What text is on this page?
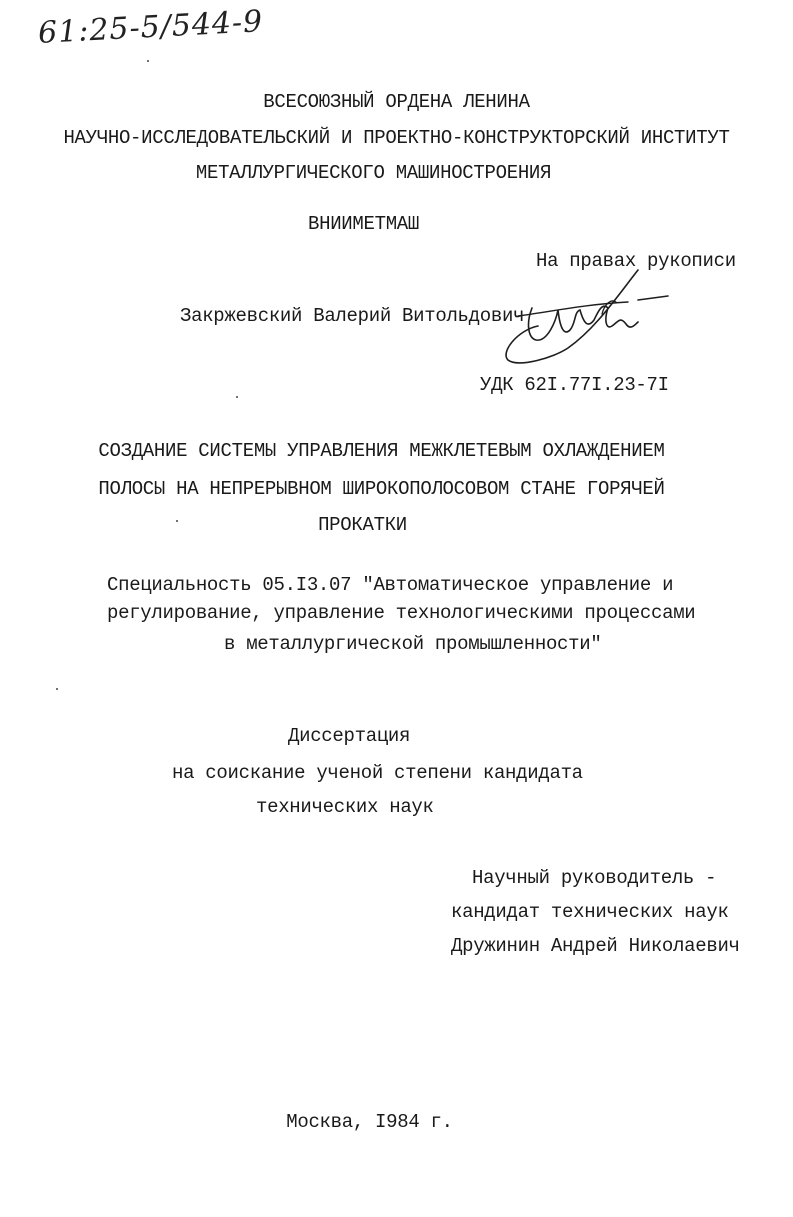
61:25-5/544-9
ВСЕСОЮЗНЫЙ ОРДЕНА ЛЕНИНА
НАУЧНО-ИССЛЕДОВАТЕЛЬСКИЙ И ПРОЕКТНО-КОНСТРУКТОРСКИЙ ИНСТИТУТ
МЕТАЛЛУРГИЧЕСКОГО МАШИНОСТРОЕНИЯ
ВНИИМЕТМАШ
На правах рукописи
Закржевский Валерий Витольдович
УДК 62I.77I.23-7I
СОЗДАНИЕ СИСТЕМЫ УПРАВЛЕНИЯ МЕЖКЛЕТЕВЫМ ОХЛАЖДЕНИЕМ
ПОЛОСЫ НА НЕПРЕРЫВНОМ ШИРОКОПОЛОСОВОМ СТАНЕ ГОРЯЧЕЙ
ПРОКАТКИ
Специальность 05.I3.07 "Автоматическое управление и
регулирование, управление технологическими процессами
в металлургической промышленности"
Диссертация
на соискание ученой степени кандидата
технических наук
Научный руководитель -
кандидат технических наук
Дружинин Андрей Николаевич
Москва, I984 г.
